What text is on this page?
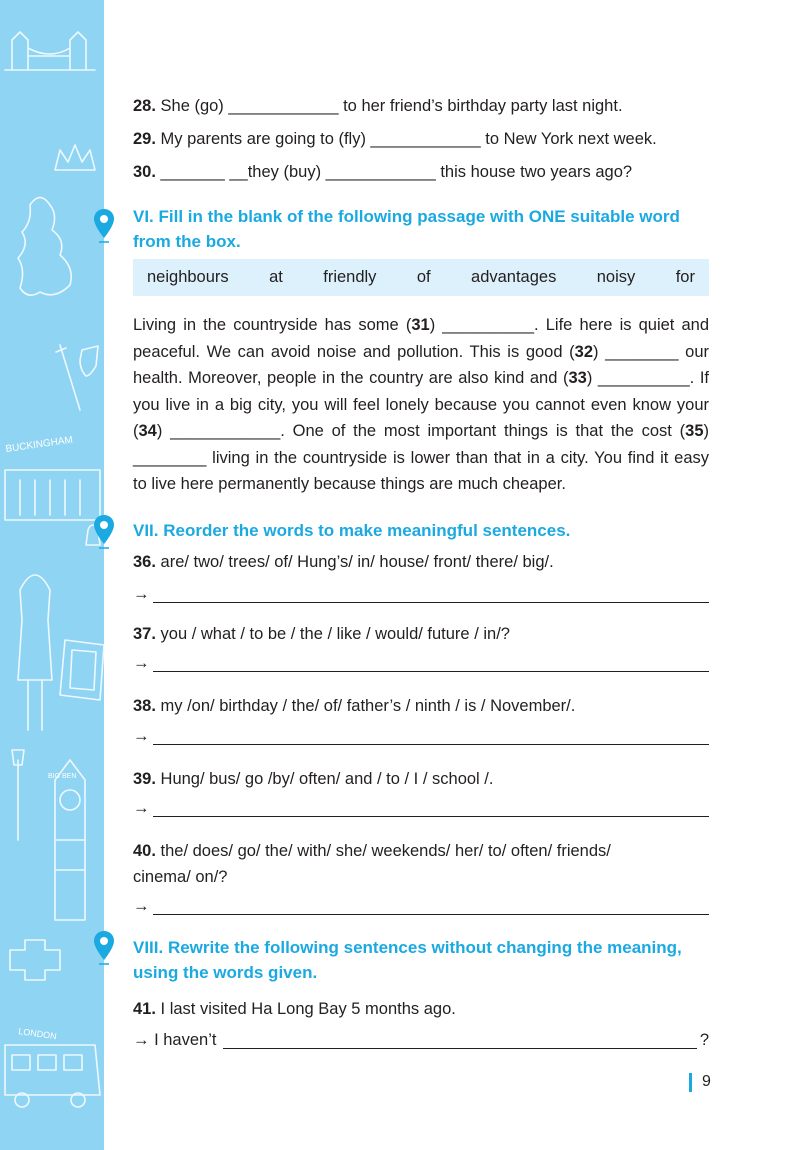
BUCKINGHAM
BIG BEN
LONDON
28. She (go) ____________ to her friend’s birthday party last night.
29. My parents are going to (fly) ____________ to New York next week.
30. _______ __they (buy) ____________ this house two years ago?
VI. Fill in the blank of the following passage with ONE suitable word from the box.
neighbours at friendly of advantages noisy for
Living in the countryside has some (31) __________. Life here is quiet and peaceful. We can avoid noise and pollution. This is good (32) ________ our health. Moreover, people in the country are also kind and (33) __________. If you live in a big city, you will feel lonely because you cannot even know your (34) ____________. One of the most important things is that the cost (35) ________ living in the countryside is lower than that in a city. You find it easy to live here permanently because things are much cheaper.
VII. Reorder the words to make meaningful sentences.
36. are/ two/ trees/ of/ Hung’s/ in/ house/ front/ there/ big/.
→
37. you / what / to be / the / like / would/ future / in/?
→
38. my /on/ birthday / the/ of/ father’s / ninth / is / November/.
→
39. Hung/ bus/ go /by/ often/ and / to / I / school /.
→
40. the/ does/ go/ the/ with/ she/ weekends/ her/ to/ often/ friends/
cinema/ on/?
→
VIII. Rewrite the following sentences without changing the meaning, using the words given.
41. I last visited Ha Long Bay 5 months ago.
→ I haven’t	?
9
